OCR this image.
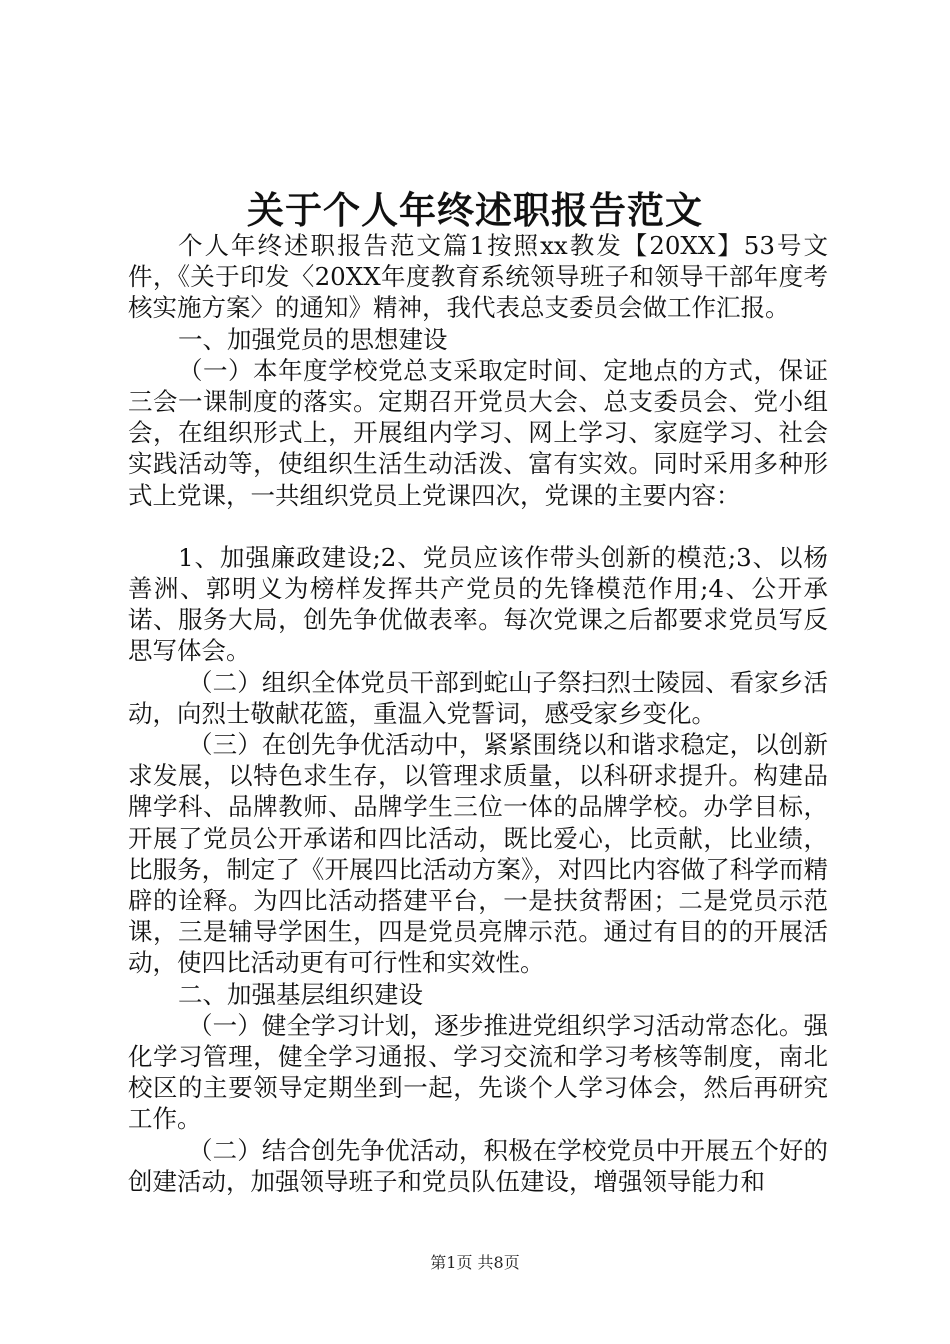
关于个人年终述职报告范文

个人年终述职报告范文篇1按照xx教发【20XX】53号文件，《关于印发〈20XX年度教育系统领导班子和领导干部年度考核实施方案〉的通知》精神，我代表总支委员会做工作汇报。

一、加强党员的思想建设

（一）本年度学校党总支采取定时间、定地点的方式，保证三会一课制度的落实。定期召开党员大会、总支委员会、党小组会，在组织形式上，开展组内学习、网上学习、家庭学习、社会实践活动等，使组织生活生动活泼、富有实效。同时采用多种形式上党课，一共组织党员上党课四次，党课的主要内容：

1、加强廉政建设;2、党员应该作带头创新的模范;3、以杨善洲、郭明义为榜样发挥共产党员的先锋模范作用;4、公开承诺、服务大局，创先争优做表率。每次党课之后都要求党员写反思写体会。

（二）组织全体党员干部到蛇山子祭扫烈士陵园、看家乡活动，向烈士敬献花篮，重温入党誓词，感受家乡变化。

（三）在创先争优活动中，紧紧围绕以和谐求稳定，以创新求发展，以特色求生存，以管理求质量，以科研求提升。构建品牌学科、品牌教师、品牌学生三位一体的品牌学校。办学目标，开展了党员公开承诺和四比活动，既比爱心，比贡献，比业绩，比服务，制定了《开展四比活动方案》，对四比内容做了科学而精辟的诠释。为四比活动搭建平台，一是扶贫帮困；二是党员示范课，三是辅导学困生，四是党员亮牌示范。通过有目的的开展活动，使四比活动更有可行性和实效性。

二、加强基层组织建设

（一）健全学习计划，逐步推进党组织学习活动常态化。强化学习管理，健全学习通报、学习交流和学习考核等制度，南北校区的主要领导定期坐到一起，先谈个人学习体会，然后再研究工作。

（二）结合创先争优活动，积极在学校党员中开展五个好的创建活动，加强领导班子和党员队伍建设，增强领导能力和

第1页 共8页
